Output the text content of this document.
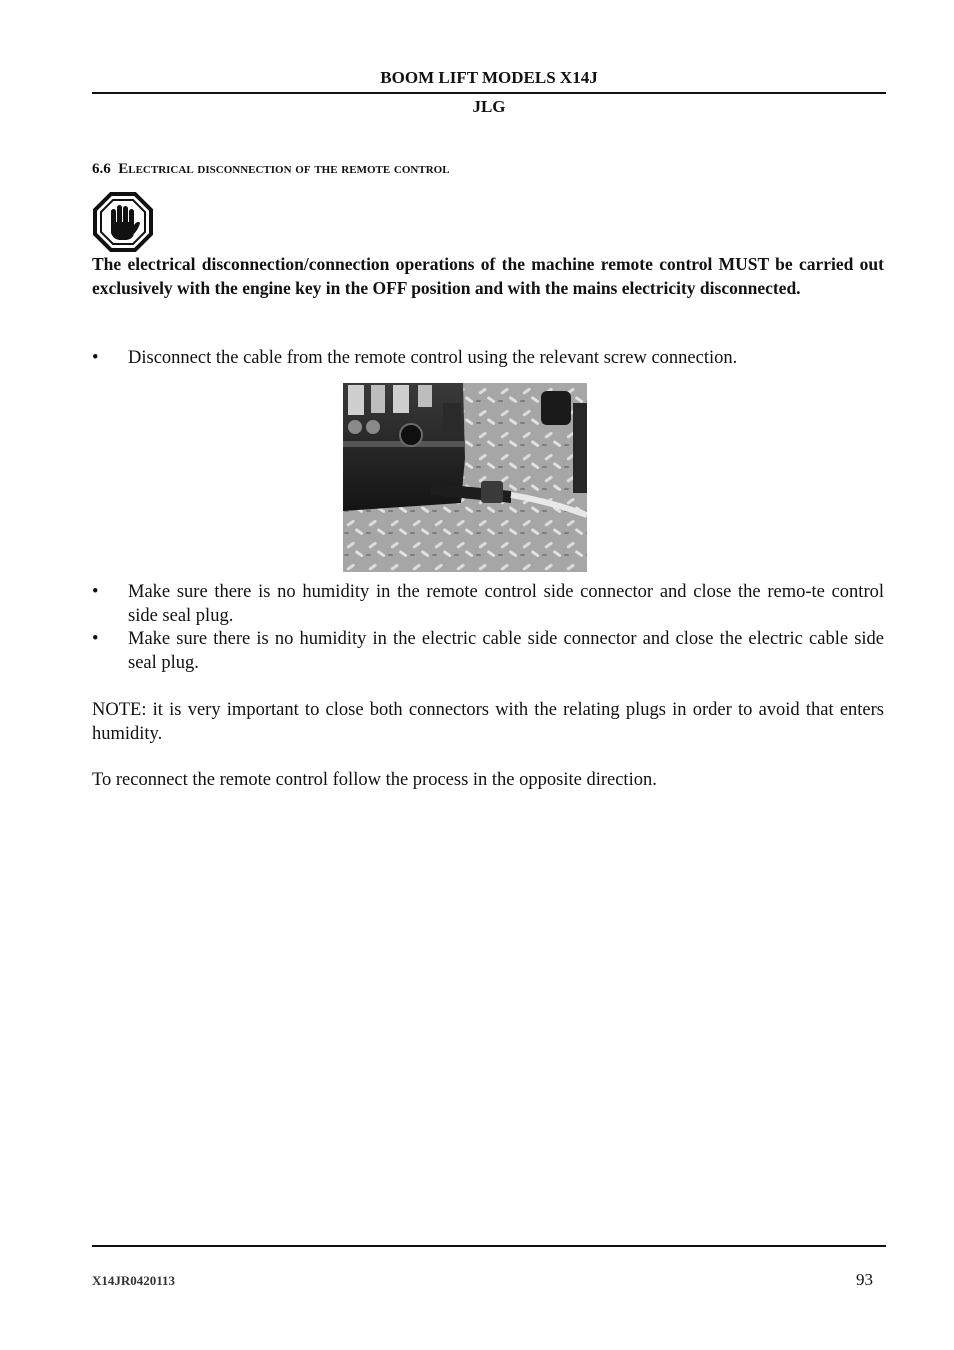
BOOM LIFT MODELS X14J
JLG
6.6 Electrical disconnection of the remote control
The electrical disconnection/connection operations of the machine remote control MUST be carried out exclusively with the engine key in the OFF position and with the mains electricity disconnected.
• Disconnect the cable from the remote control using the relevant screw connection.
• Make sure there is no humidity in the remote control side connector and close the remo-te control side seal plug.
• Make sure there is no humidity in the electric cable side connector and close the electric cable side seal plug.
NOTE: it is very important to close both connectors with the relating plugs in order to avoid that enters humidity.
To reconnect the remote control follow the process in the opposite direction.
X14JR0420113	93
